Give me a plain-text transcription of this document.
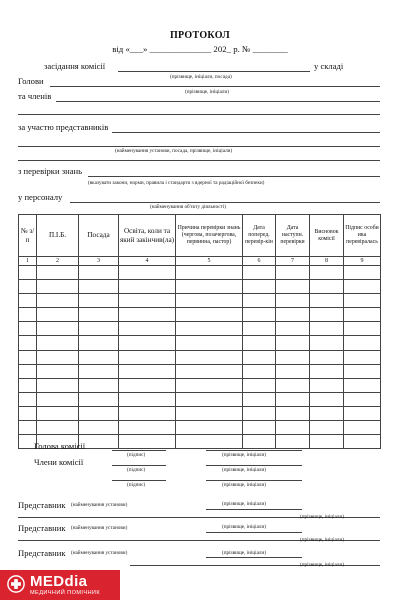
ПРОТОКОЛ
від «___» ______________ 202_ р. № ________
засідання комісії	у складі
Голови	(прізвище, ініціали, посада)
та членів	(прізвище, ініціали)
за участю представників
(найменування установи, посада, прізвище, ініціали)
з перевірки знань
(вказувати закони, норми, правила і стандарти з ядерної та радіаційної безпеки)
у персоналу
(найменування об'єкту діяльності)
№ з/п	П.І.Б.	Посада	Освіта, коли та який закінчив(ла)	Причина перевірки знань (чергова, позачергова, первинна, пастор)	Дата поперед. перевір-кін	Дата наступн. перевірки	Висновок комісії	Підпис особи ика перевіралась
1	2	3	4	5	6	7	8	9

Голова комісії
(підпис)	(прізвище, ініціали)
Члени комісії
(підпис)	(прізвище, ініціали)
(підпис)	(прізвище, ініціали)
Представник (найменування установи)	(прізвище, ініціали)
(прізвище, ініціали)
Представник (найменування установи)	(прізвище, ініціали)
(прізвище, ініціали)
Представник (найменування установи)	(прізвище, ініціали)
(прізвище, ініціали)
MEDdia
МЕДИЧНИЙ ПОМІЧНИК
